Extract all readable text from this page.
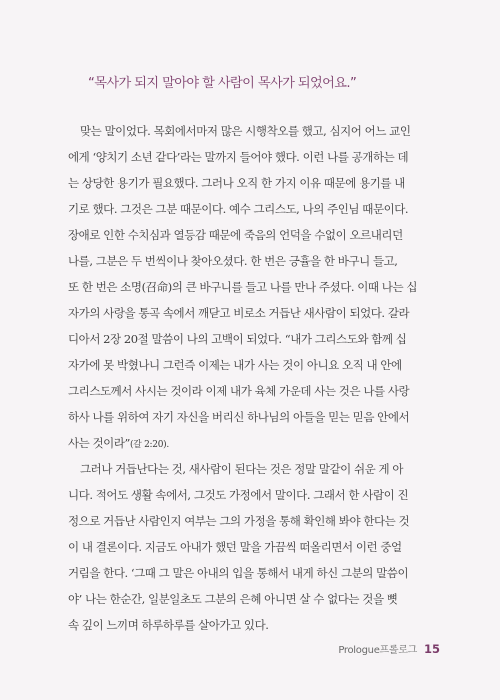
“목사가 되지 말아야 할 사람이 목사가 되었어요.”
맞는 말이었다. 목회에서마저 많은 시행착오를 했고, 심지어 어느 교인
에게 ‘양치기 소년 같다’라는 말까지 들어야 했다. 이런 나를 공개하는 데
는 상당한 용기가 필요했다. 그러나 오직 한 가지 이유 때문에 용기를 내
기로 했다. 그것은 그분 때문이다. 예수 그리스도, 나의 주인님 때문이다.
장애로 인한 수치심과 열등감 때문에 죽음의 언덕을 수없이 오르내리던
나를, 그분은 두 번씩이나 찾아오셨다. 한 번은 긍휼을 한 바구니 들고,
또 한 번은 소명(召命)의 큰 바구니를 들고 나를 만나 주셨다. 이때 나는 십
자가의 사랑을 통곡 속에서 깨닫고 비로소 거듭난 새사람이 되었다. 갈라
디아서 2장 20절 말씀이 나의 고백이 되었다. “내가 그리스도와 함께 십
자가에 못 박혔나니 그런즉 이제는 내가 사는 것이 아니요 오직 내 안에
그리스도께서 사시는 것이라 이제 내가 육체 가운데 사는 것은 나를 사랑
하사 나를 위하여 자기 자신을 버리신 하나님의 아들을 믿는 믿음 안에서
사는 것이라”(갈 2:20).
그러나 거듭난다는 것, 새사람이 된다는 것은 정말 말같이 쉬운 게 아
니다. 적어도 생활 속에서, 그것도 가정에서 말이다. 그래서 한 사람이 진
정으로 거듭난 사람인지 여부는 그의 가정을 통해 확인해 봐야 한다는 것
이 내 결론이다. 지금도 아내가 했던 말을 가끔씩 떠올리면서 이런 중얼
거림을 한다. ‘그때 그 말은 아내의 입을 통해서 내게 하신 그분의 말씀이
야’ 나는 한순간, 일분일초도 그분의 은혜 아니면 살 수 없다는 것을 뼛
속 깊이 느끼며 하루하루를 살아가고 있다.
Prologue프롤로그 15
